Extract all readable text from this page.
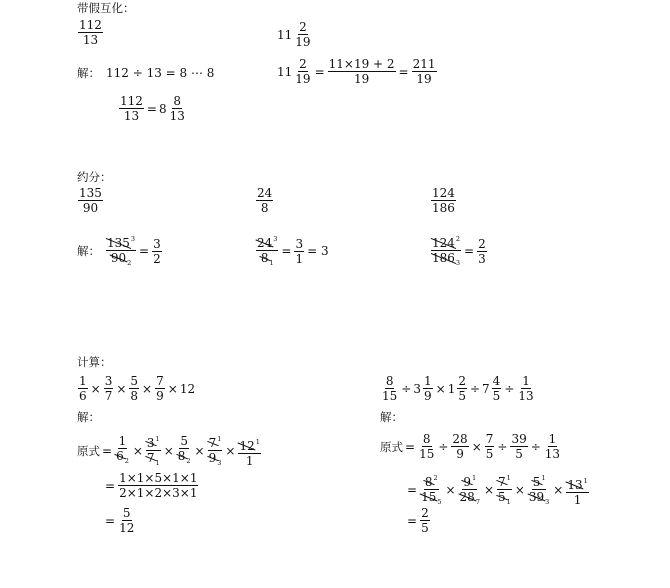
带假互化：
112
13
解： 112 ÷ 13 = 8 ⋯ 8
$\frac{112}{13} = 8$
8
13
11
2
19
$11 \frac{2}{19} = \frac{11\times 19 + 2}{19} = \frac{211}{19}$
约分：
135
90
解： $\frac{135^3}{90_2} = \frac{3}{2}$
24
8
$\frac{24^3}{8_1} = \frac{3}{1} = 3$
124
186
$\frac{124^2}{186_3} = \frac{2}{3}$
计算：
$\frac{1}{6} \times \frac{3}{7} \times \frac{5}{8} \times \frac{7}{9} \times 12$
解：
原式 = $\frac{1}{6_2} \times \frac{3^1}{7_1} \times \frac{5}{8_2} \times \frac{7^1}{9_3} \times \frac{12^1}{1}$
= $\frac{1\times 1\times 5\times 1\times 1}{2\times 1\times 2\times 3\times 1}$
= $\frac{5}{12}$
$\frac{8}{15} \div 3 \frac{1}{9} \times 1 \frac{2}{5} \div 7 \frac{4}{5} \div \frac{1}{13}$
解：
原式 = $\frac{8}{15} \div \frac{28}{9} \times \frac{7}{5} \div \frac{39}{5} \div \frac{1}{13}$
= $\frac{8^2}{15_5} \times \frac{9^1}{28_7} \times \frac{7^1}{5_1} \times \frac{5^1}{39_3} \times \frac{13^1}{1}$
= $\frac{2}{5}$
